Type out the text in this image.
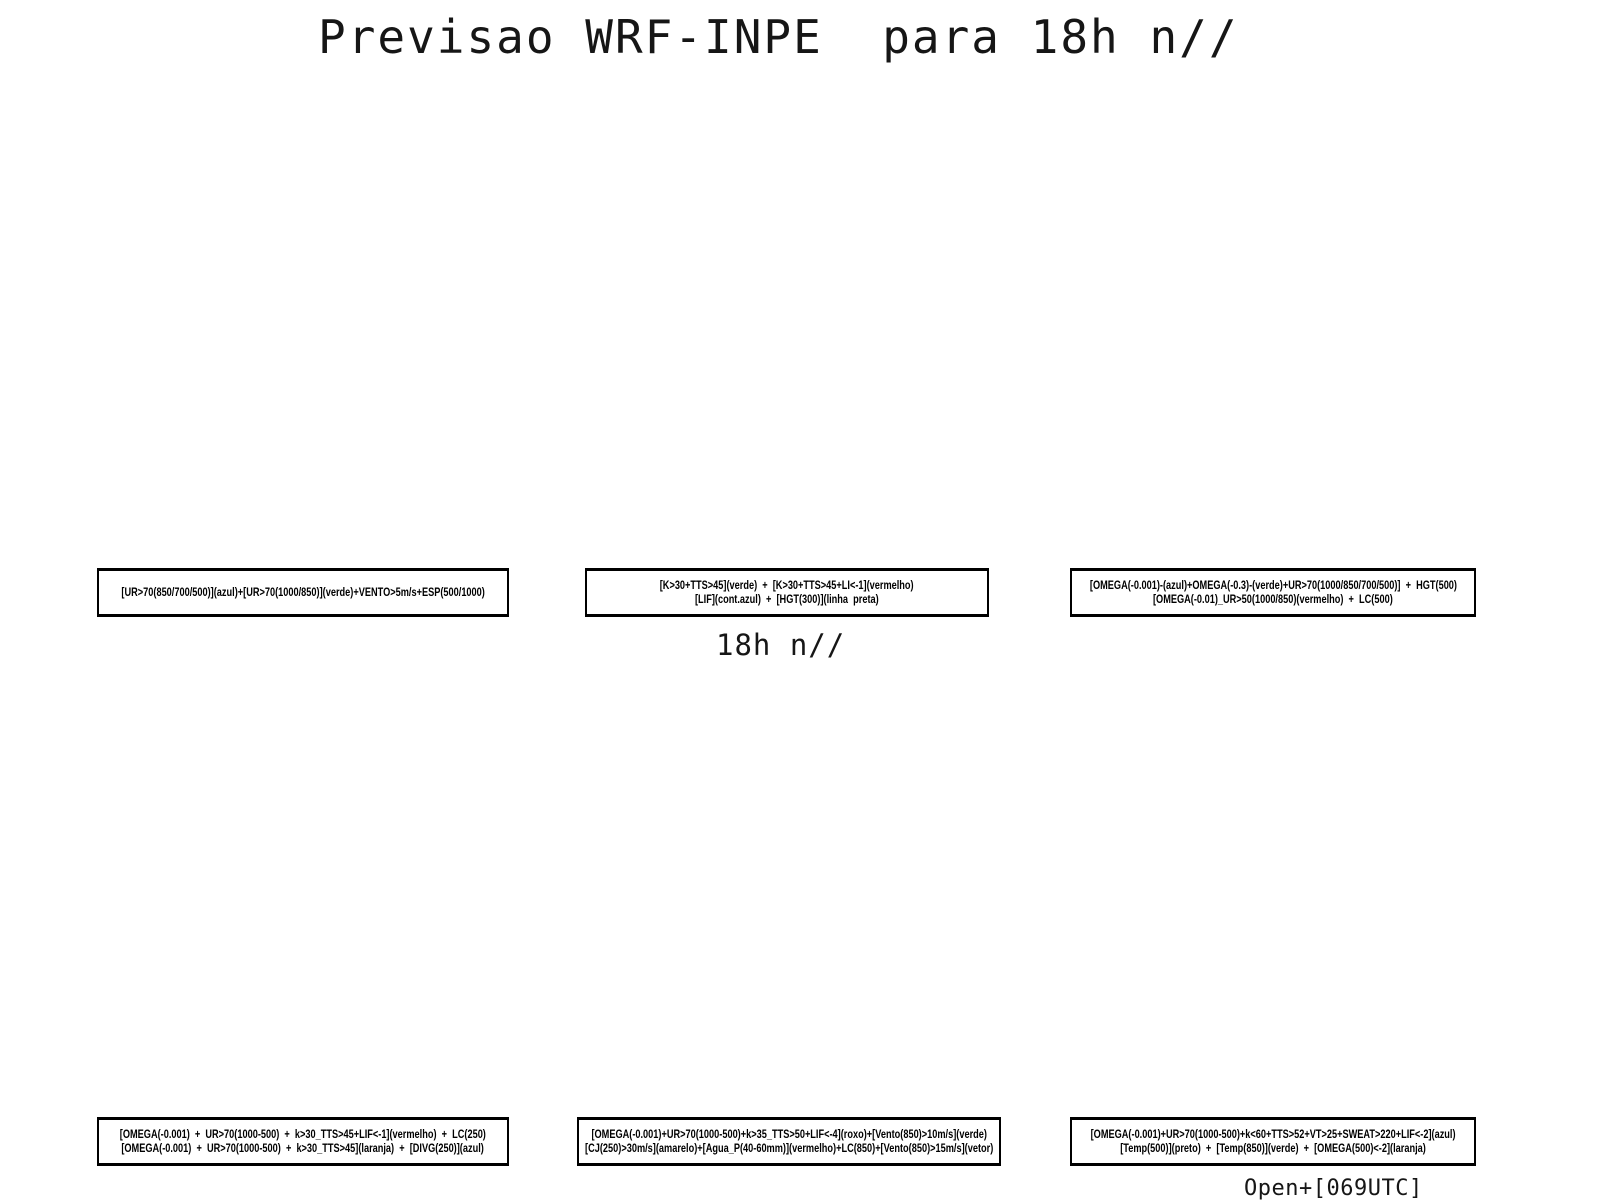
Previsao WRF-INPE  para 18h n//
[UR>70(850/700/500)](azul)+[UR>70(1000/850)](verde)+VENTO>5m/s+ESP(500/1000)
[K>30+TTS>45](verde)  +  [K>30+TTS>45+LI<-1](vermelho)
[LIF](cont.azul)  +  [HGT(300)](linha  preta)
[OMEGA(-0.001)-(azul)+OMEGA(-0.3)-(verde)+UR>70(1000/850/700/500)]  +  HGT(500)
[OMEGA(-0.01)_UR>50(1000/850)(vermelho)  +  LC(500)
18h n//
[OMEGA(-0.001)  +  UR>70(1000-500)  +  k>30_TTS>45+LIF<-1](vermelho)  +  LC(250)
[OMEGA(-0.001)  +  UR>70(1000-500)  +  k>30_TTS>45](laranja)  +  [DIVG(250)](azul)
[OMEGA(-0.001)+UR>70(1000-500)+k>35_TTS>50+LIF<-4](roxo)+[Vento(850)>10m/s](verde)
[CJ(250)>30m/s](amarelo)+[Agua_P(40-60mm)](vermelho)+LC(850)+[Vento(850)>15m/s](vetor)
[OMEGA(-0.001)+UR>70(1000-500)+k<60+TTS>52+VT>25+SWEAT>220+LIF<-2](azul)
[Temp(500)](preto)  +  [Temp(850)](verde)  +  [OMEGA(500)<-2](laranja)
Open+[069UTC]
